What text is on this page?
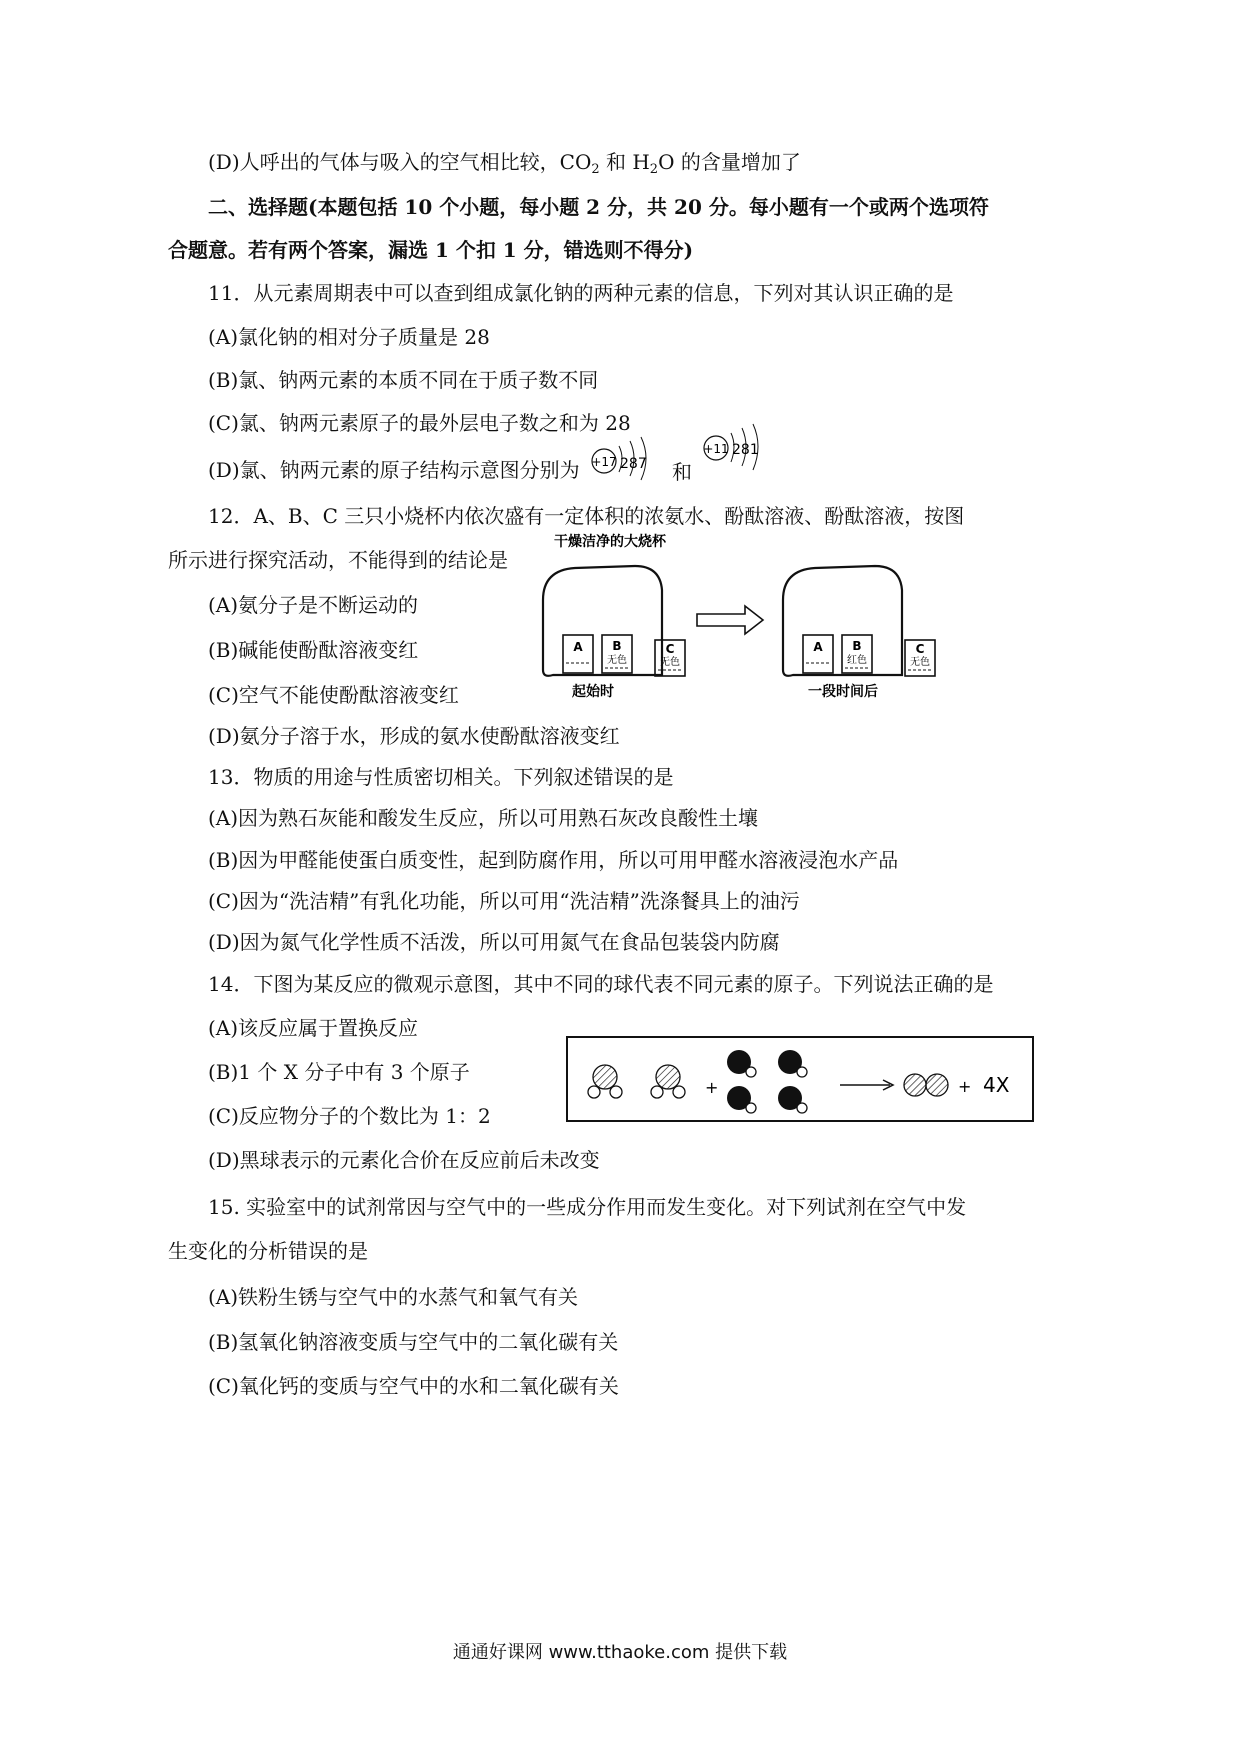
(D)人呼出的气体与吸入的空气相比较，$CO_2$ 和 $H_2O$ 的含量增加了
二、选择题(本题包括 10 个小题，每小题 2 分，共 20 分。每小题有一个或两个选项符
合题意。若有两个答案，漏选 1 个扣 1 分，错选则不得分)
11．从元素周期表中可以查到组成氯化钠的两种元素的信息，下列对其认识正确的是
(A)氯化钠的相对分子质量是 28
(B)氯、钠两元素的本质不同在于质子数不同
(C)氯、钠两元素原子的最外层电子数之和为 28
(D)氯、钠两元素的原子结构示意图分别为 +17 287 和
+11 281
12．A、B、C 三只小烧杯内依次盛有一定体积的浓氨水、酚酞溶液、酚酞溶液，按图
所示进行探究活动，不能得到的结论是
(A)氨分子是不断运动的
(B)碱能使酚酞溶液变红
(C)空气不能使酚酞溶液变红
(D)氨分子溶于水，形成的氨水使酚酞溶液变红
干燥洁净的大烧杯
A B
无色
C
无色
起始时
A B
红色
C
无色
一段时间后
13．物质的用途与性质密切相关。下列叙述错误的是
(A)因为熟石灰能和酸发生反应，所以可用熟石灰改良酸性土壤
(B)因为甲醛能使蛋白质变性，起到防腐作用，所以可用甲醛水溶液浸泡水产品
(C)因为“洗洁精”有乳化功能，所以可用“洗洁精”洗涤餐具上的油污
(D)因为氮气化学性质不活泼，所以可用氮气在食品包装袋内防腐
14．下图为某反应的微观示意图，其中不同的球代表不同元素的原子。下列说法正确的是
(A)该反应属于置换反应
(B)1 个 X 分子中有 3 个原子
(C)反应物分子的个数比为 1：2
(D)黑球表示的元素化合价在反应前后未改变
+	+ 4X
15. 实验室中的试剂常因与空气中的一些成分作用而发生变化。对下列试剂在空气中发
生变化的分析错误的是
(A)铁粉生锈与空气中的水蒸气和氧气有关
(B)氢氧化钠溶液变质与空气中的二氧化碳有关
(C)氧化钙的变质与空气中的水和二氧化碳有关
通通好课网 www.tthaoke.com 提供下载
